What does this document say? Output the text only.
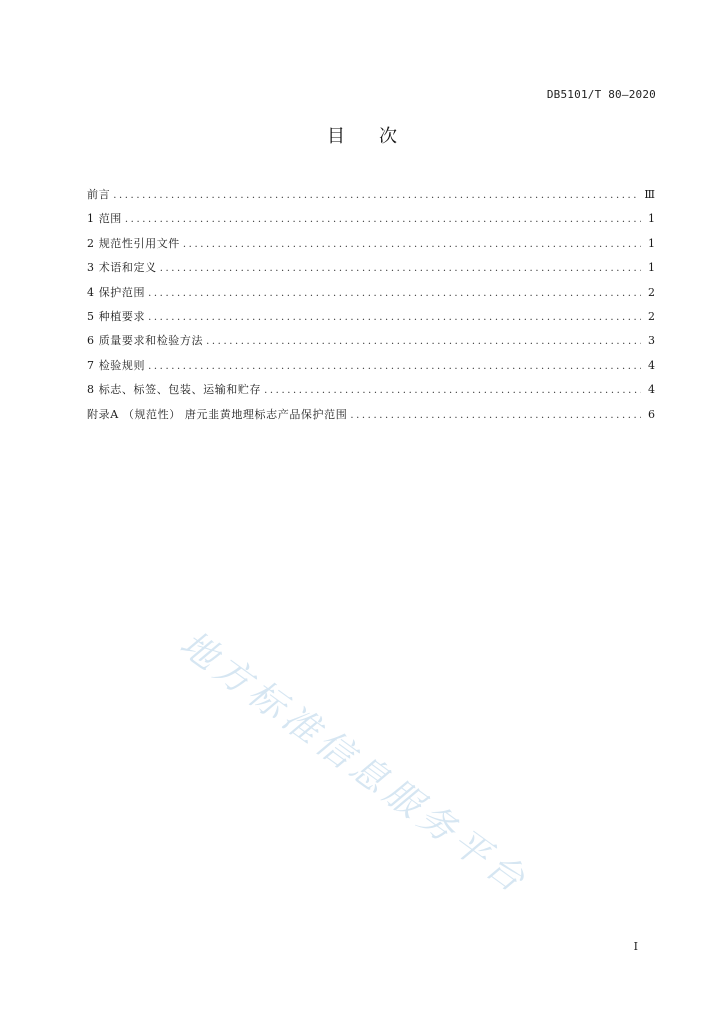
DB5101/T 80—2020
目次
前言 .....	Ⅲ
1 范围 .....	1
2 规范性引用文件 .....	1
3 术语和定义 .....	1
4 保护范围 .....	2
5 种植要求 .....	2
6 质量要求和检验方法 .....	3
7 检验规则 .....	4
8 标志、标签、包装、运输和贮存 .....	4
附录A （规范性） 唐元韭黄地理标志产品保护范围 .....	6
地方标准信息服务平台
I
